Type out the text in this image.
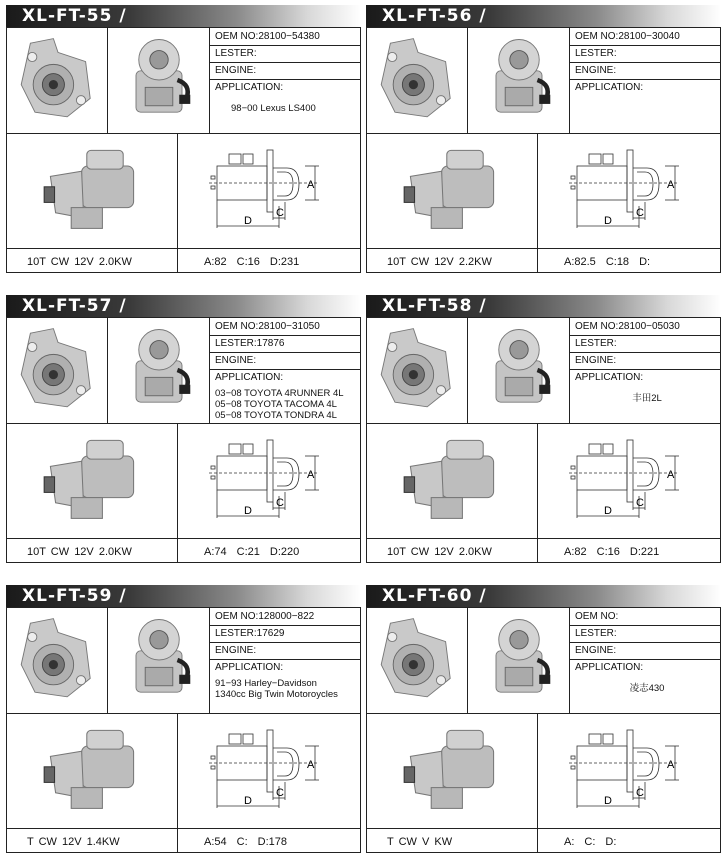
XL-FT-55 /
OEM NO:28100−54380
LESTER:
ENGINE:
APPLICATION:
98−00 Lexus LS400
10T CW 12V 2.0KW	A:82 C:16 D:231
A
C
D
XL-FT-56 /
OEM NO:28100−30040
LESTER:
ENGINE:
APPLICATION:
10T CW 12V 2.2KW	A:82.5 C:18 D:
A
C
D
XL-FT-57 /
OEM NO:28100−31050
LESTER:17876
ENGINE:
APPLICATION:
03−08 TOYOTA 4RUNNER 4L
05−08 TOYOTA TACOMA 4L
05−08 TOYOTA TONDRA 4L
10T CW 12V 2.0KW	A:74 C:21 D:220
A
C
D
XL-FT-58 /
OEM NO:28100−05030
LESTER:
ENGINE:
APPLICATION:
丰田2L
10T CW 12V 2.0KW	A:82 C:16 D:221
A
C
D
XL-FT-59 /
OEM NO:128000−822
LESTER:17629
ENGINE:
APPLICATION:
91−93 Harley−Davidson
1340cc Big Twin Motoroycles
T CW 12V 1.4KW	A:54 C: D:178
A
C
D
XL-FT-60 /
OEM NO:
LESTER:
ENGINE:
APPLICATION:
凌志430
T CW V KW	A: C: D:
A
C
D
